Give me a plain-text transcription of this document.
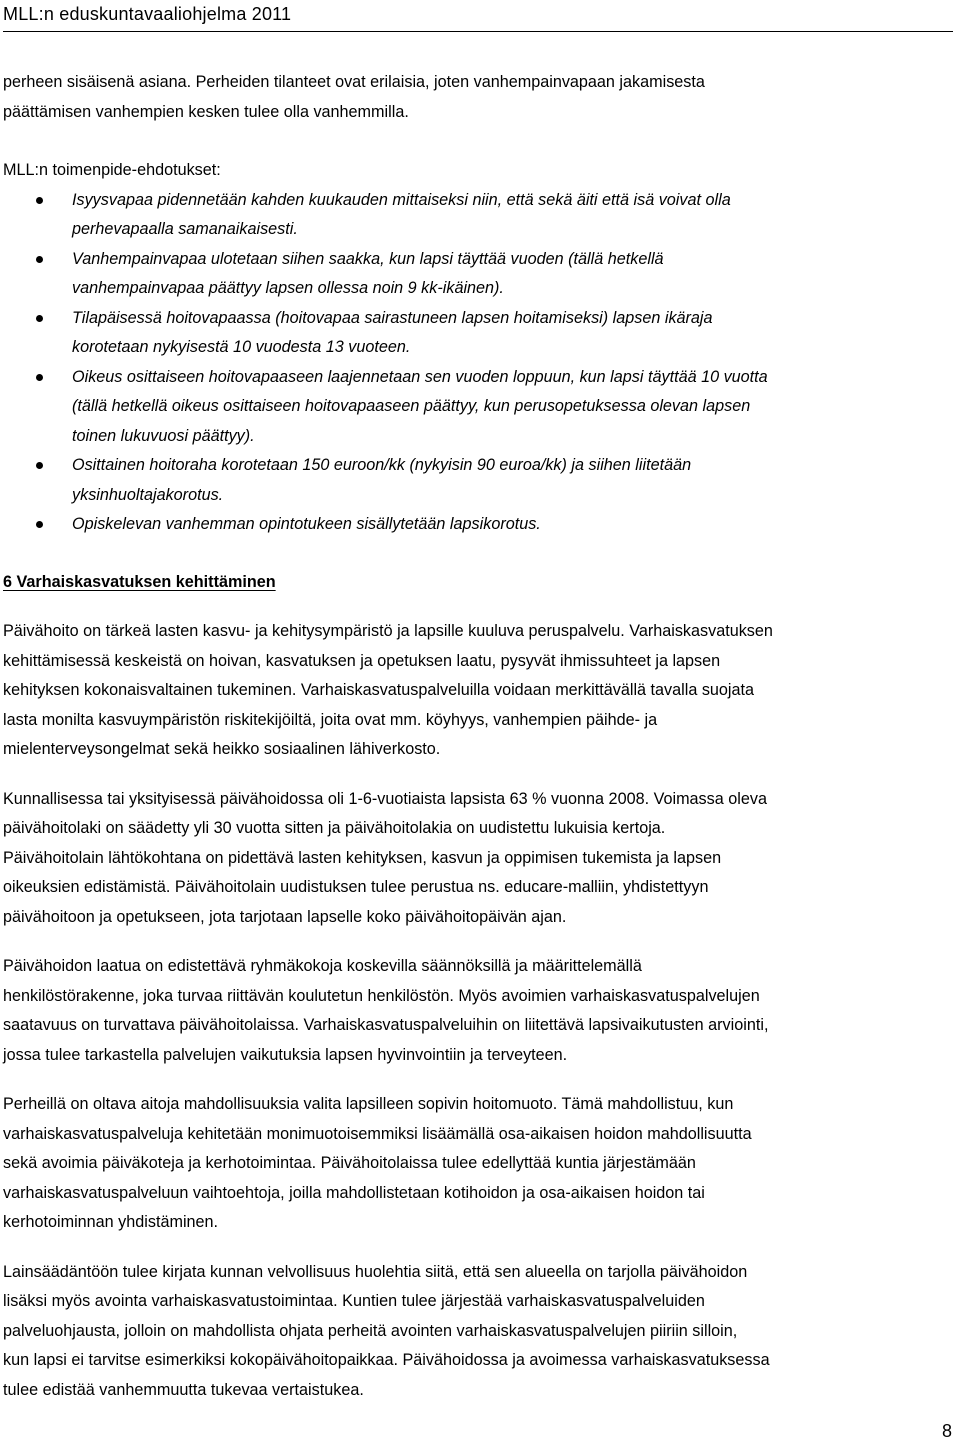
MLL:n eduskuntavaaliohjelma 2011

perheen sisäisenä asiana. Perheiden tilanteet ovat erilaisia, joten vanhempainvapaan jakamisesta
päättämisen vanhempien kesken tulee olla vanhemmilla.

MLL:n toimenpide-ehdotukset:

Isyysvapaa pidennetään kahden kuukauden mittaiseksi niin, että sekä äiti että isä voivat olla
perhevapaalla samanaikaisesti.
Vanhempainvapaa ulotetaan siihen saakka, kun lapsi täyttää vuoden (tällä hetkellä
vanhempainvapaa päättyy lapsen ollessa noin 9 kk-ikäinen).
Tilapäisessä hoitovapaassa (hoitovapaa sairastuneen lapsen hoitamiseksi) lapsen ikäraja
korotetaan nykyisestä 10 vuodesta 13 vuoteen.
Oikeus osittaiseen hoitovapaaseen laajennetaan sen vuoden loppuun, kun lapsi täyttää 10 vuotta
(tällä hetkellä oikeus osittaiseen hoitovapaaseen päättyy, kun perusopetuksessa olevan lapsen
toinen lukuvuosi päättyy).
Osittainen hoitoraha korotetaan 150 euroon/kk (nykyisin 90 euroa/kk) ja siihen liitetään
yksinhuoltajakorotus.
Opiskelevan vanhemman opintotukeen sisällytetään lapsikorotus.
6 Varhaiskasvatuksen kehittäminen

Päivähoito on tärkeä lasten kasvu- ja kehitysympäristö ja lapsille kuuluva peruspalvelu. Varhaiskasvatuksen
kehittämisessä keskeistä on hoivan, kasvatuksen ja opetuksen laatu, pysyvät ihmissuhteet ja lapsen
kehityksen kokonaisvaltainen tukeminen. Varhaiskasvatuspalveluilla voidaan merkittävällä tavalla suojata
lasta monilta kasvuympäristön riskitekijöiltä, joita ovat mm. köyhyys, vanhempien päihde- ja
mielenterveysongelmat sekä heikko sosiaalinen lähiverkosto.

Kunnallisessa tai yksityisessä päivähoidossa oli 1-6-vuotiaista lapsista 63 % vuonna 2008. Voimassa oleva
päivähoitolaki on säädetty yli 30 vuotta sitten ja päivähoitolakia on uudistettu lukuisia kertoja.
Päivähoitolain lähtökohtana on pidettävä lasten kehityksen, kasvun ja oppimisen tukemista ja lapsen
oikeuksien edistämistä. Päivähoitolain uudistuksen tulee perustua ns. educare-malliin, yhdistettyyn
päivähoitoon ja opetukseen, jota tarjotaan lapselle koko päivähoitopäivän ajan.

Päivähoidon laatua on edistettävä ryhmäkokoja koskevilla säännöksillä ja määrittelemällä
henkilöstörakenne, joka turvaa riittävän koulutetun henkilöstön. Myös avoimien varhaiskasvatuspalvelujen
saatavuus on turvattava päivähoitolaissa. Varhaiskasvatuspalveluihin on liitettävä lapsivaikutusten arviointi,
jossa tulee tarkastella palvelujen vaikutuksia lapsen hyvinvointiin ja terveyteen.

Perheillä on oltava aitoja mahdollisuuksia valita lapsilleen sopivin hoitomuoto. Tämä mahdollistuu, kun
varhaiskasvatuspalveluja kehitetään monimuotoisemmiksi lisäämällä osa-aikaisen hoidon mahdollisuutta
sekä avoimia päiväkoteja ja kerhotoimintaa. Päivähoitolaissa tulee edellyttää kuntia järjestämään
varhaiskasvatuspalveluun vaihtoehtoja, joilla mahdollistetaan kotihoidon ja osa-aikaisen hoidon tai
kerhotoiminnan yhdistäminen.

Lainsäädäntöön tulee kirjata kunnan velvollisuus huolehtia siitä, että sen alueella on tarjolla päivähoidon
lisäksi myös avointa varhaiskasvatustoimintaa. Kuntien tulee järjestää varhaiskasvatuspalveluiden
palveluohjausta, jolloin on mahdollista ohjata perheitä avointen varhaiskasvatuspalvelujen piiriin silloin,
kun lapsi ei tarvitse esimerkiksi kokopäivähoitopaikkaa. Päivähoidossa ja avoimessa varhaiskasvatuksessa
tulee edistää vanhemmuutta tukevaa vertaistukea.

8
